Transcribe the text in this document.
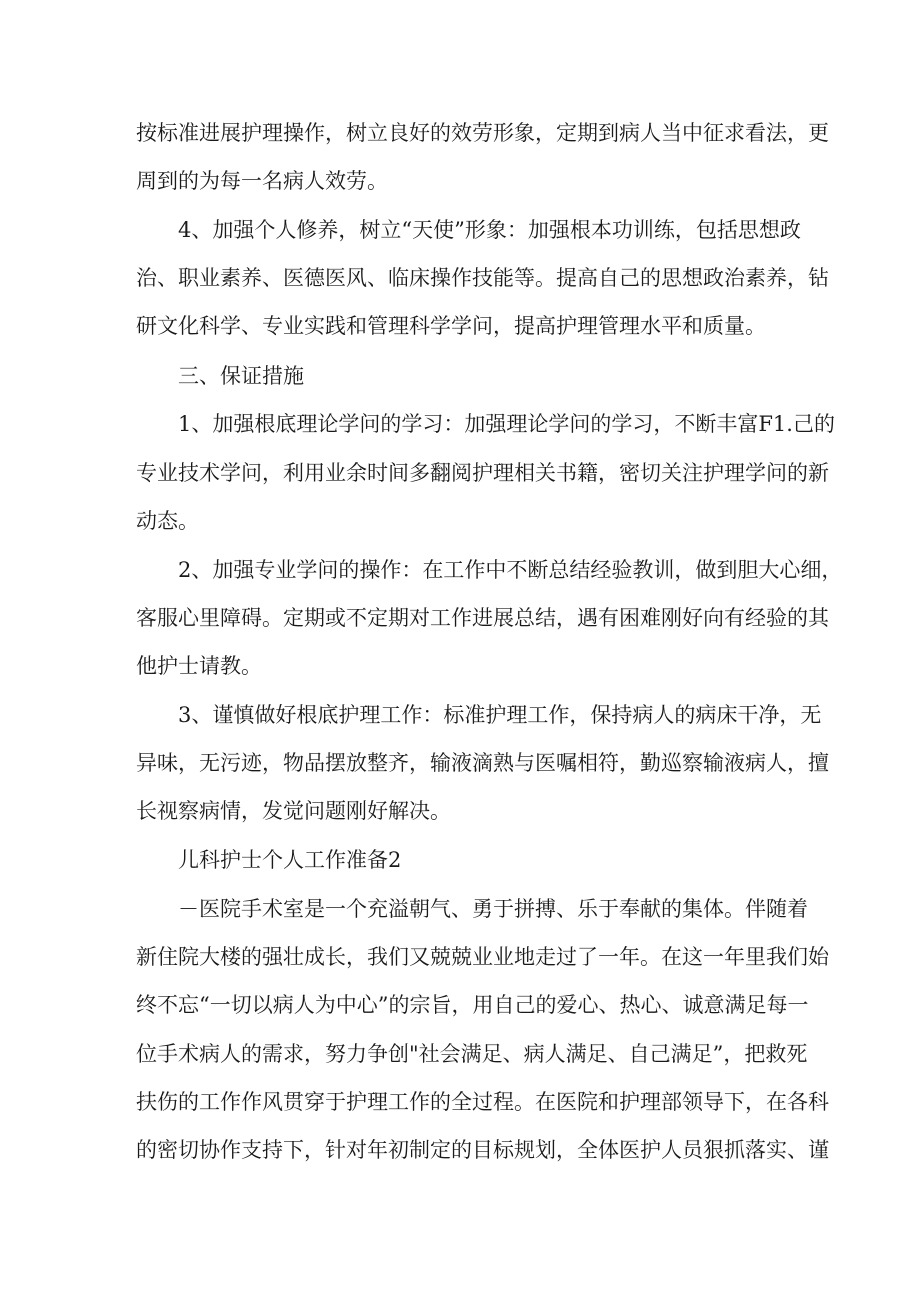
按标准进展护理操作，树立良好的效劳形象，定期到病人当中征求看法，更

周到的为每一名病人效劳。

4、加强个人修养，树立“天使”形象：加强根本功训练，包括思想政

治、职业素养、医德医风、临床操作技能等。提高自己的思想政治素养，钻

研文化科学、专业实践和管理科学学问，提高护理管理水平和质量。

三、保证措施

1、加强根底理论学问的学习：加强理论学问的学习，不断丰富F1.己的

专业技术学问，利用业余时间多翻阅护理相关书籍，密切关注护理学问的新

动态。

2、加强专业学问的操作：在工作中不断总结经验教训，做到胆大心细，

客服心里障碍。定期或不定期对工作进展总结，遇有困难刚好向有经验的其

他护士请教。

3、谨慎做好根底护理工作：标准护理工作，保持病人的病床干净，无

异味，无污迹，物品摆放整齐，输液滴熟与医嘱相符，勤巡察输液病人，擅

长视察病情，发觉问题刚好解决。

儿科护士个人工作准备2

－医院手术室是一个充溢朝气、勇于拼搏、乐于奉献的集体。伴随着

新住院大楼的强壮成长，我们又兢兢业业地走过了一年。在这一年里我们始

终不忘“一切以病人为中心”的宗旨，用自己的爱心、热心、诚意满足每一

位手术病人的需求，努力争创"社会满足、病人满足、自己满足”，把救死

扶伤的工作作风贯穿于护理工作的全过程。在医院和护理部领导下，在各科

的密切协作支持下，针对年初制定的目标规划，全体医护人员狠抓落实、谨
